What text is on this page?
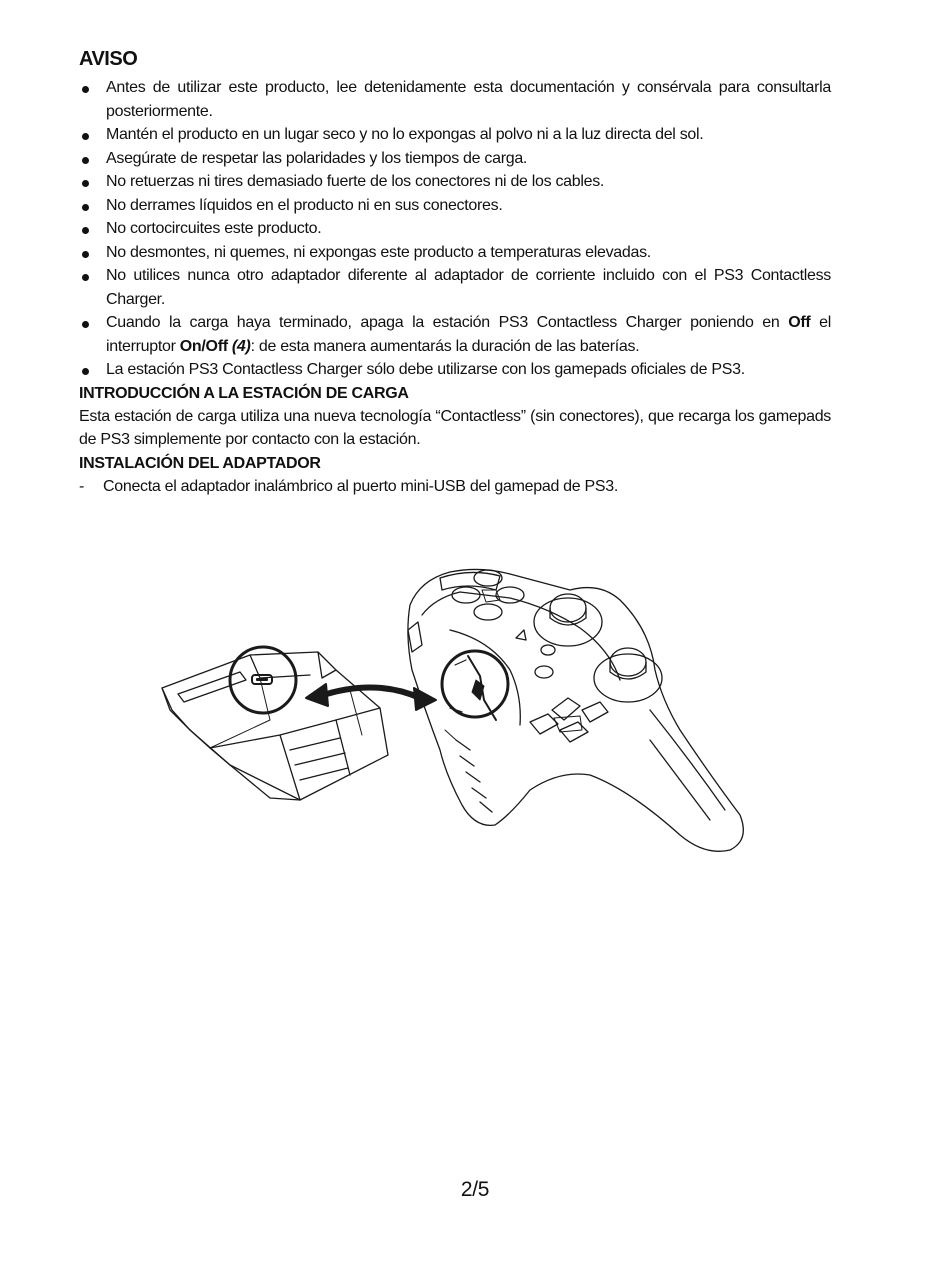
AVISO
Antes de utilizar este producto, lee detenidamente esta documentación y consérvala para consultarla posteriormente.
Mantén el producto en un lugar seco y no lo expongas al polvo ni a la luz directa del sol.
Asegúrate de respetar las polaridades y los tiempos de carga.
No retuerzas ni tires demasiado fuerte de los conectores ni de los cables.
No derrames líquidos en el producto ni en sus conectores.
No cortocircuites este producto.
No desmontes, ni quemes, ni expongas este producto a temperaturas elevadas.
No utilices nunca otro adaptador diferente al adaptador de corriente incluido con el PS3 Contactless Charger.
Cuando la carga haya terminado, apaga la estación PS3 Contactless Charger poniendo en Off el interruptor On/Off (4): de esta manera aumentarás la duración de las baterías.
La estación PS3 Contactless Charger sólo debe utilizarse con los gamepads oficiales de PS3.
INTRODUCCIÓN A LA ESTACIÓN DE CARGA

Esta estación de carga utiliza una nueva tecnología “Contactless” (sin conectores), que recarga los gamepads de PS3 simplemente por contacto con la estación.

INSTALACIÓN DEL ADAPTADOR
- Conecta el adaptador inalámbrico al puerto mini-USB del gamepad de PS3.
2/5
